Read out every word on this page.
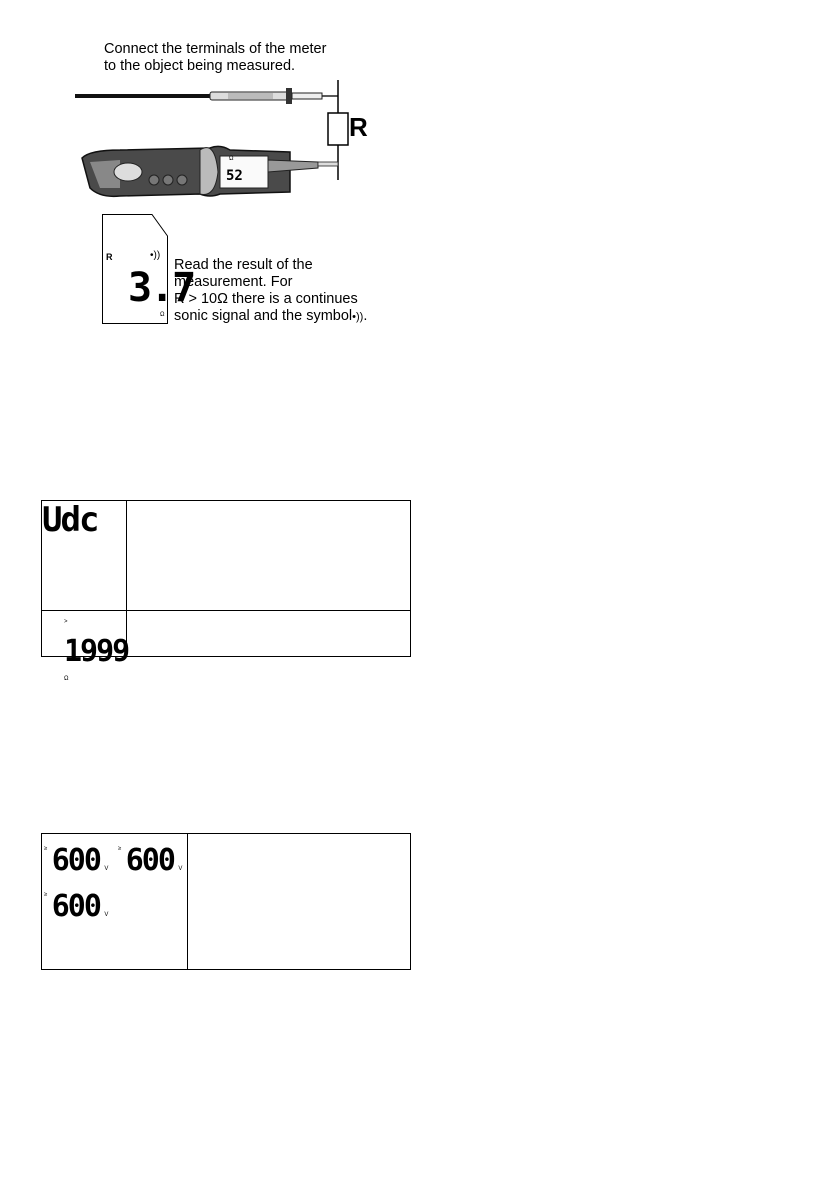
Connect the terminals of the meter
to the object being measured.
52
Ω
R
R	•))
3.7
Ω
Read the result of the
measurement. For
R > 10Ω there is a continues
sonic signal and the symbol•)).
Udc	

> 1999 Ω	

≥ 600 V
≥ 600 V
≥ 600 V
